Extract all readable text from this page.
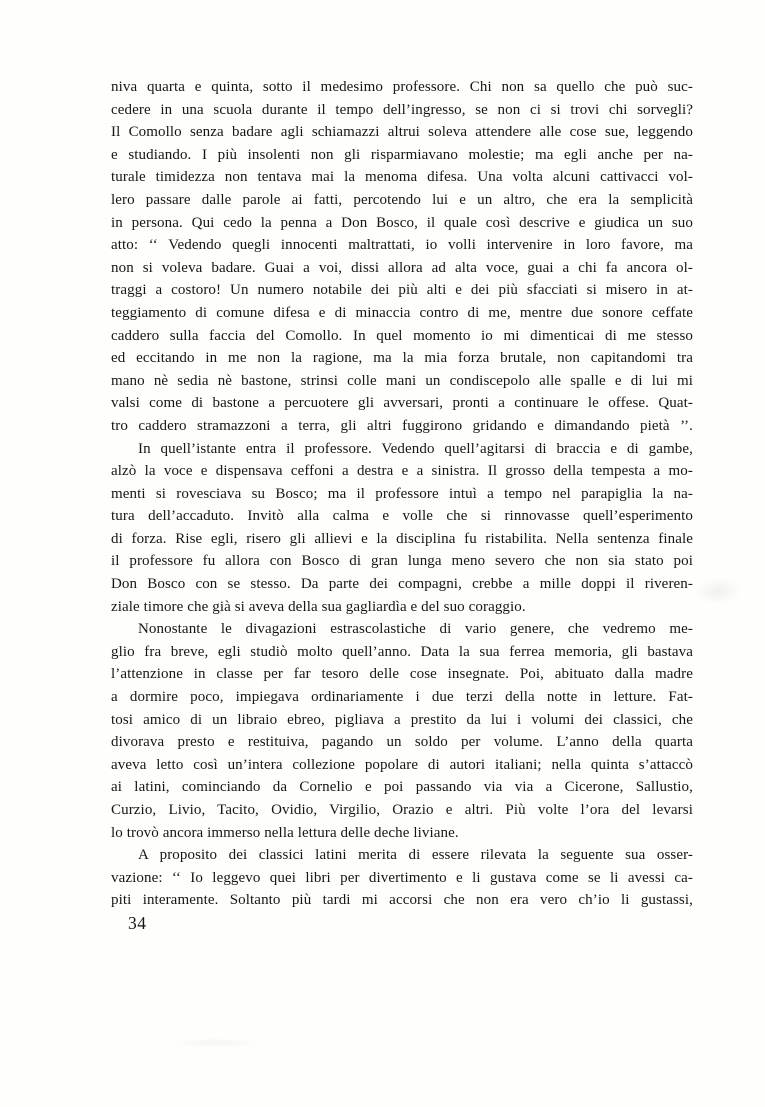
niva quarta e quinta, sotto il medesimo professore. Chi non sa quello che può suc-
cedere in una scuola durante il tempo dell’ingresso, se non ci si trovi chi sorvegli?
Il Comollo senza badare agli schiamazzi altrui soleva attendere alle cose sue, leggendo
e studiando. I più insolenti non gli risparmiavano molestie; ma egli anche per na-
turale timidezza non tentava mai la menoma difesa. Una volta alcuni cattivacci vol-
lero passare dalle parole ai fatti, percotendo lui e un altro, che era la semplicità
in persona. Qui cedo la penna a Don Bosco, il quale così descrive e giudica un suo
atto: ‘‘ Vedendo quegli innocenti maltrattati, io volli intervenire in loro favore, ma
non si voleva badare. Guai a voi, dissi allora ad alta voce, guai a chi fa ancora ol-
traggi a costoro! Un numero notabile dei più alti e dei più sfacciati si misero in at-
teggiamento di comune difesa e di minaccia contro di me, mentre due sonore ceffate
caddero sulla faccia del Comollo. In quel momento io mi dimenticai di me stesso
ed eccitando in me non la ragione, ma la mia forza brutale, non capitandomi tra
mano nè sedia nè bastone, strinsi colle mani un condiscepolo alle spalle e di lui mi
valsi come di bastone a percuotere gli avversari, pronti a continuare le offese. Quat-
tro caddero stramazzoni a terra, gli altri fuggirono gridando e dimandando pietà ’’.
In quell’istante entra il professore. Vedendo quell’agitarsi di braccia e di gambe,
alzò la voce e dispensava ceffoni a destra e a sinistra. Il grosso della tempesta a mo-
menti si rovesciava su Bosco; ma il professore intuì a tempo nel parapiglia la na-
tura dell’accaduto. Invitò alla calma e volle che si rinnovasse quell’esperimento
di forza. Rise egli, risero gli allievi e la disciplina fu ristabilita. Nella sentenza finale
il professore fu allora con Bosco di gran lunga meno severo che non sia stato poi
Don Bosco con se stesso. Da parte dei compagni, crebbe a mille doppi il riveren-
ziale timore che già si aveva della sua gagliardìa e del suo coraggio.
Nonostante le divagazioni estrascolastiche di vario genere, che vedremo me-
glio fra breve, egli studiò molto quell’anno. Data la sua ferrea memoria, gli bastava
l’attenzione in classe per far tesoro delle cose insegnate. Poi, abituato dalla madre
a dormire poco, impiegava ordinariamente i due terzi della notte in letture. Fat-
tosi amico di un libraio ebreo, pigliava a prestito da lui i volumi dei classici, che
divorava presto e restituiva, pagando un soldo per volume. L’anno della quarta
aveva letto così un’intera collezione popolare di autori italiani; nella quinta s’attaccò
ai latini, cominciando da Cornelio e poi passando via via a Cicerone, Sallustio,
Curzio, Livio, Tacito, Ovidio, Virgilio, Orazio e altri. Più volte l’ora del levarsi
lo trovò ancora immerso nella lettura delle deche liviane.
A proposito dei classici latini merita di essere rilevata la seguente sua osser-
vazione: ‘‘ Io leggevo quei libri per divertimento e li gustava come se li avessi ca-
piti interamente. Soltanto più tardi mi accorsi che non era vero ch’io li gustassi,
34
